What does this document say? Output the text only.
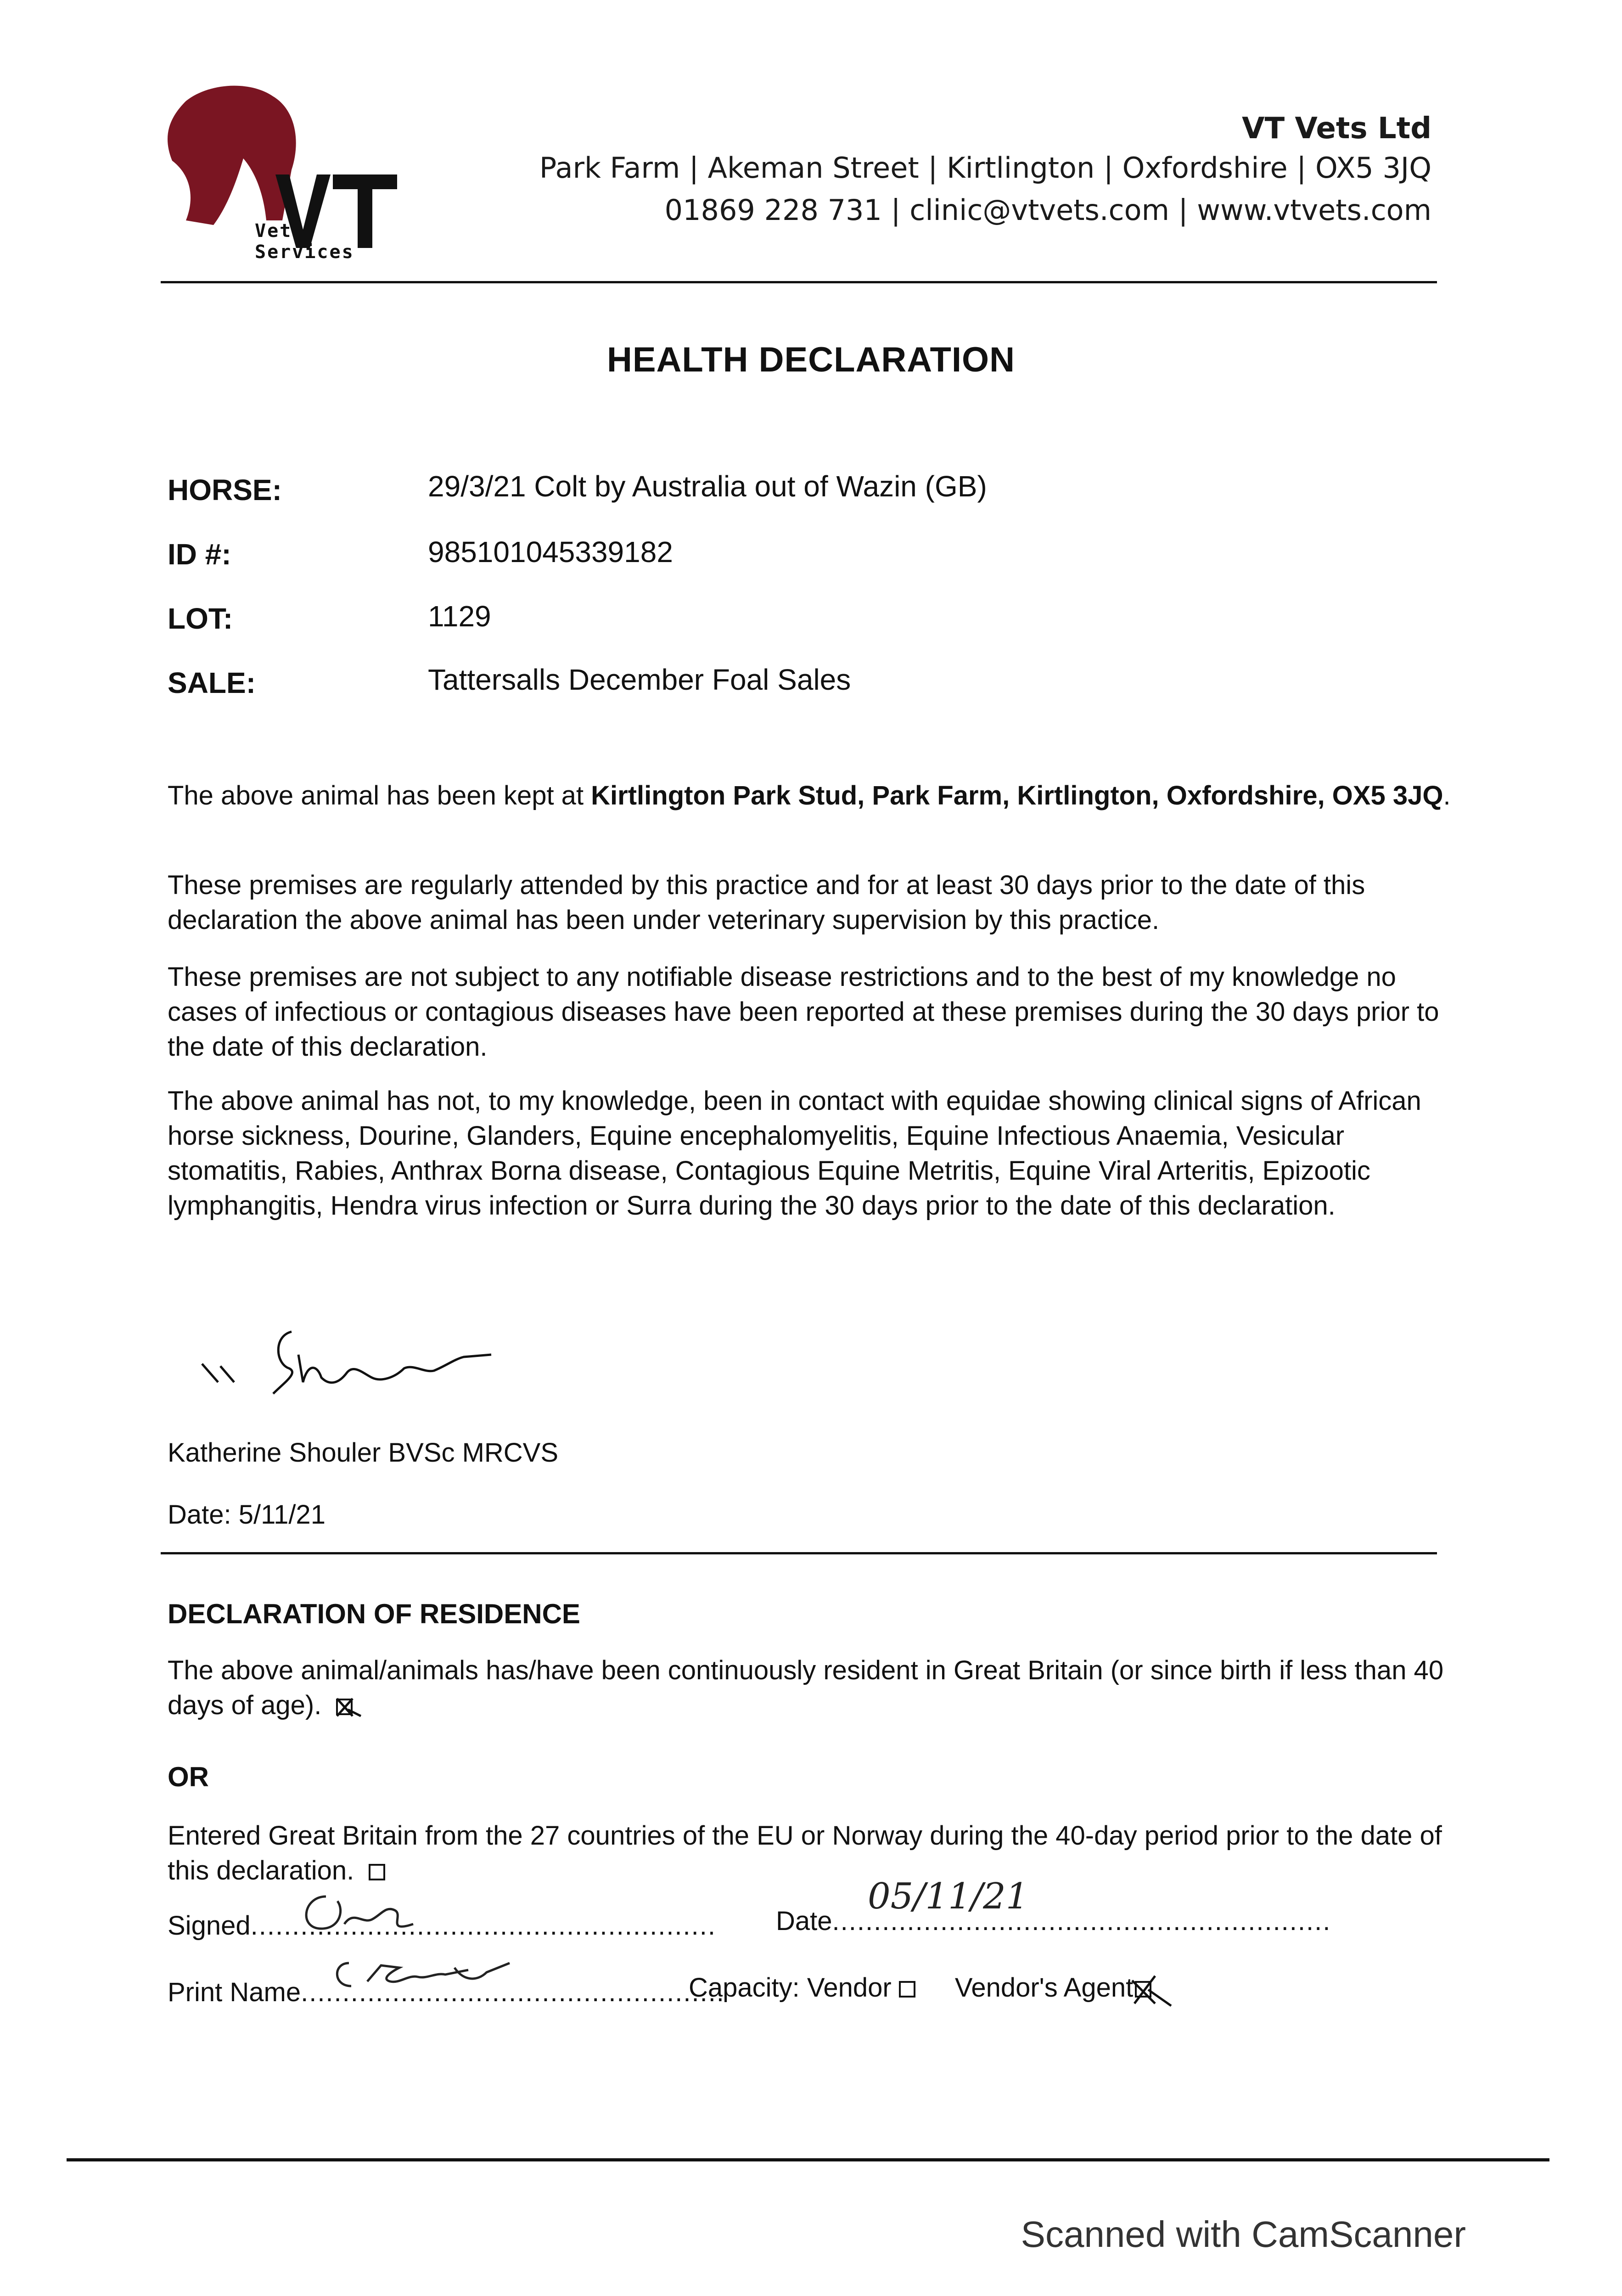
Vet Services
VT Vets Ltd
Park Farm | Akeman Street | Kirtlington | Oxfordshire | OX5 3JQ
01869 228 731 | clinic@vtvets.com | www.vtvets.com
HEALTH DECLARATION
HORSE:	29/3/21 Colt by Australia out of Wazin (GB)
ID #:	985101045339182
LOT:	1129
SALE:	Tattersalls December Foal Sales
The above animal has been kept at Kirtlington Park Stud, Park Farm, Kirtlington, Oxfordshire, OX5 3JQ.
These premises are regularly attended by this practice and for at least 30 days prior to the date of this declaration the above animal has been under veterinary supervision by this practice.
These premises are not subject to any notifiable disease restrictions and to the best of my knowledge no cases of infectious or contagious diseases have been reported at these premises during the 30 days prior to the date of this declaration.
The above animal has not, to my knowledge, been in contact with equidae showing clinical signs of African horse sickness, Dourine, Glanders, Equine encephalomyelitis, Equine Infectious Anaemia, Vesicular stomatitis, Rabies, Anthrax Borna disease, Contagious Equine Metritis, Equine Viral Arteritis, Epizootic lymphangitis, Hendra virus infection or Surra during the 30 days prior to the date of this declaration.
Katherine Shouler BVSc MRCVS
Date: 5/11/21
DECLARATION OF RESIDENCE
The above animal/animals has/have been continuously resident in Great Britain (or since birth if less than 40 days of age).
OR
Entered Great Britain from the 27 countries of the EU or Norway during the 40-day period prior to the date of this declaration.
Signed........................................................ Date............................................................
05/11/21
Print Name...................................................
Capacity: Vendor Vendor's Agent
Scanned with CamScanner
